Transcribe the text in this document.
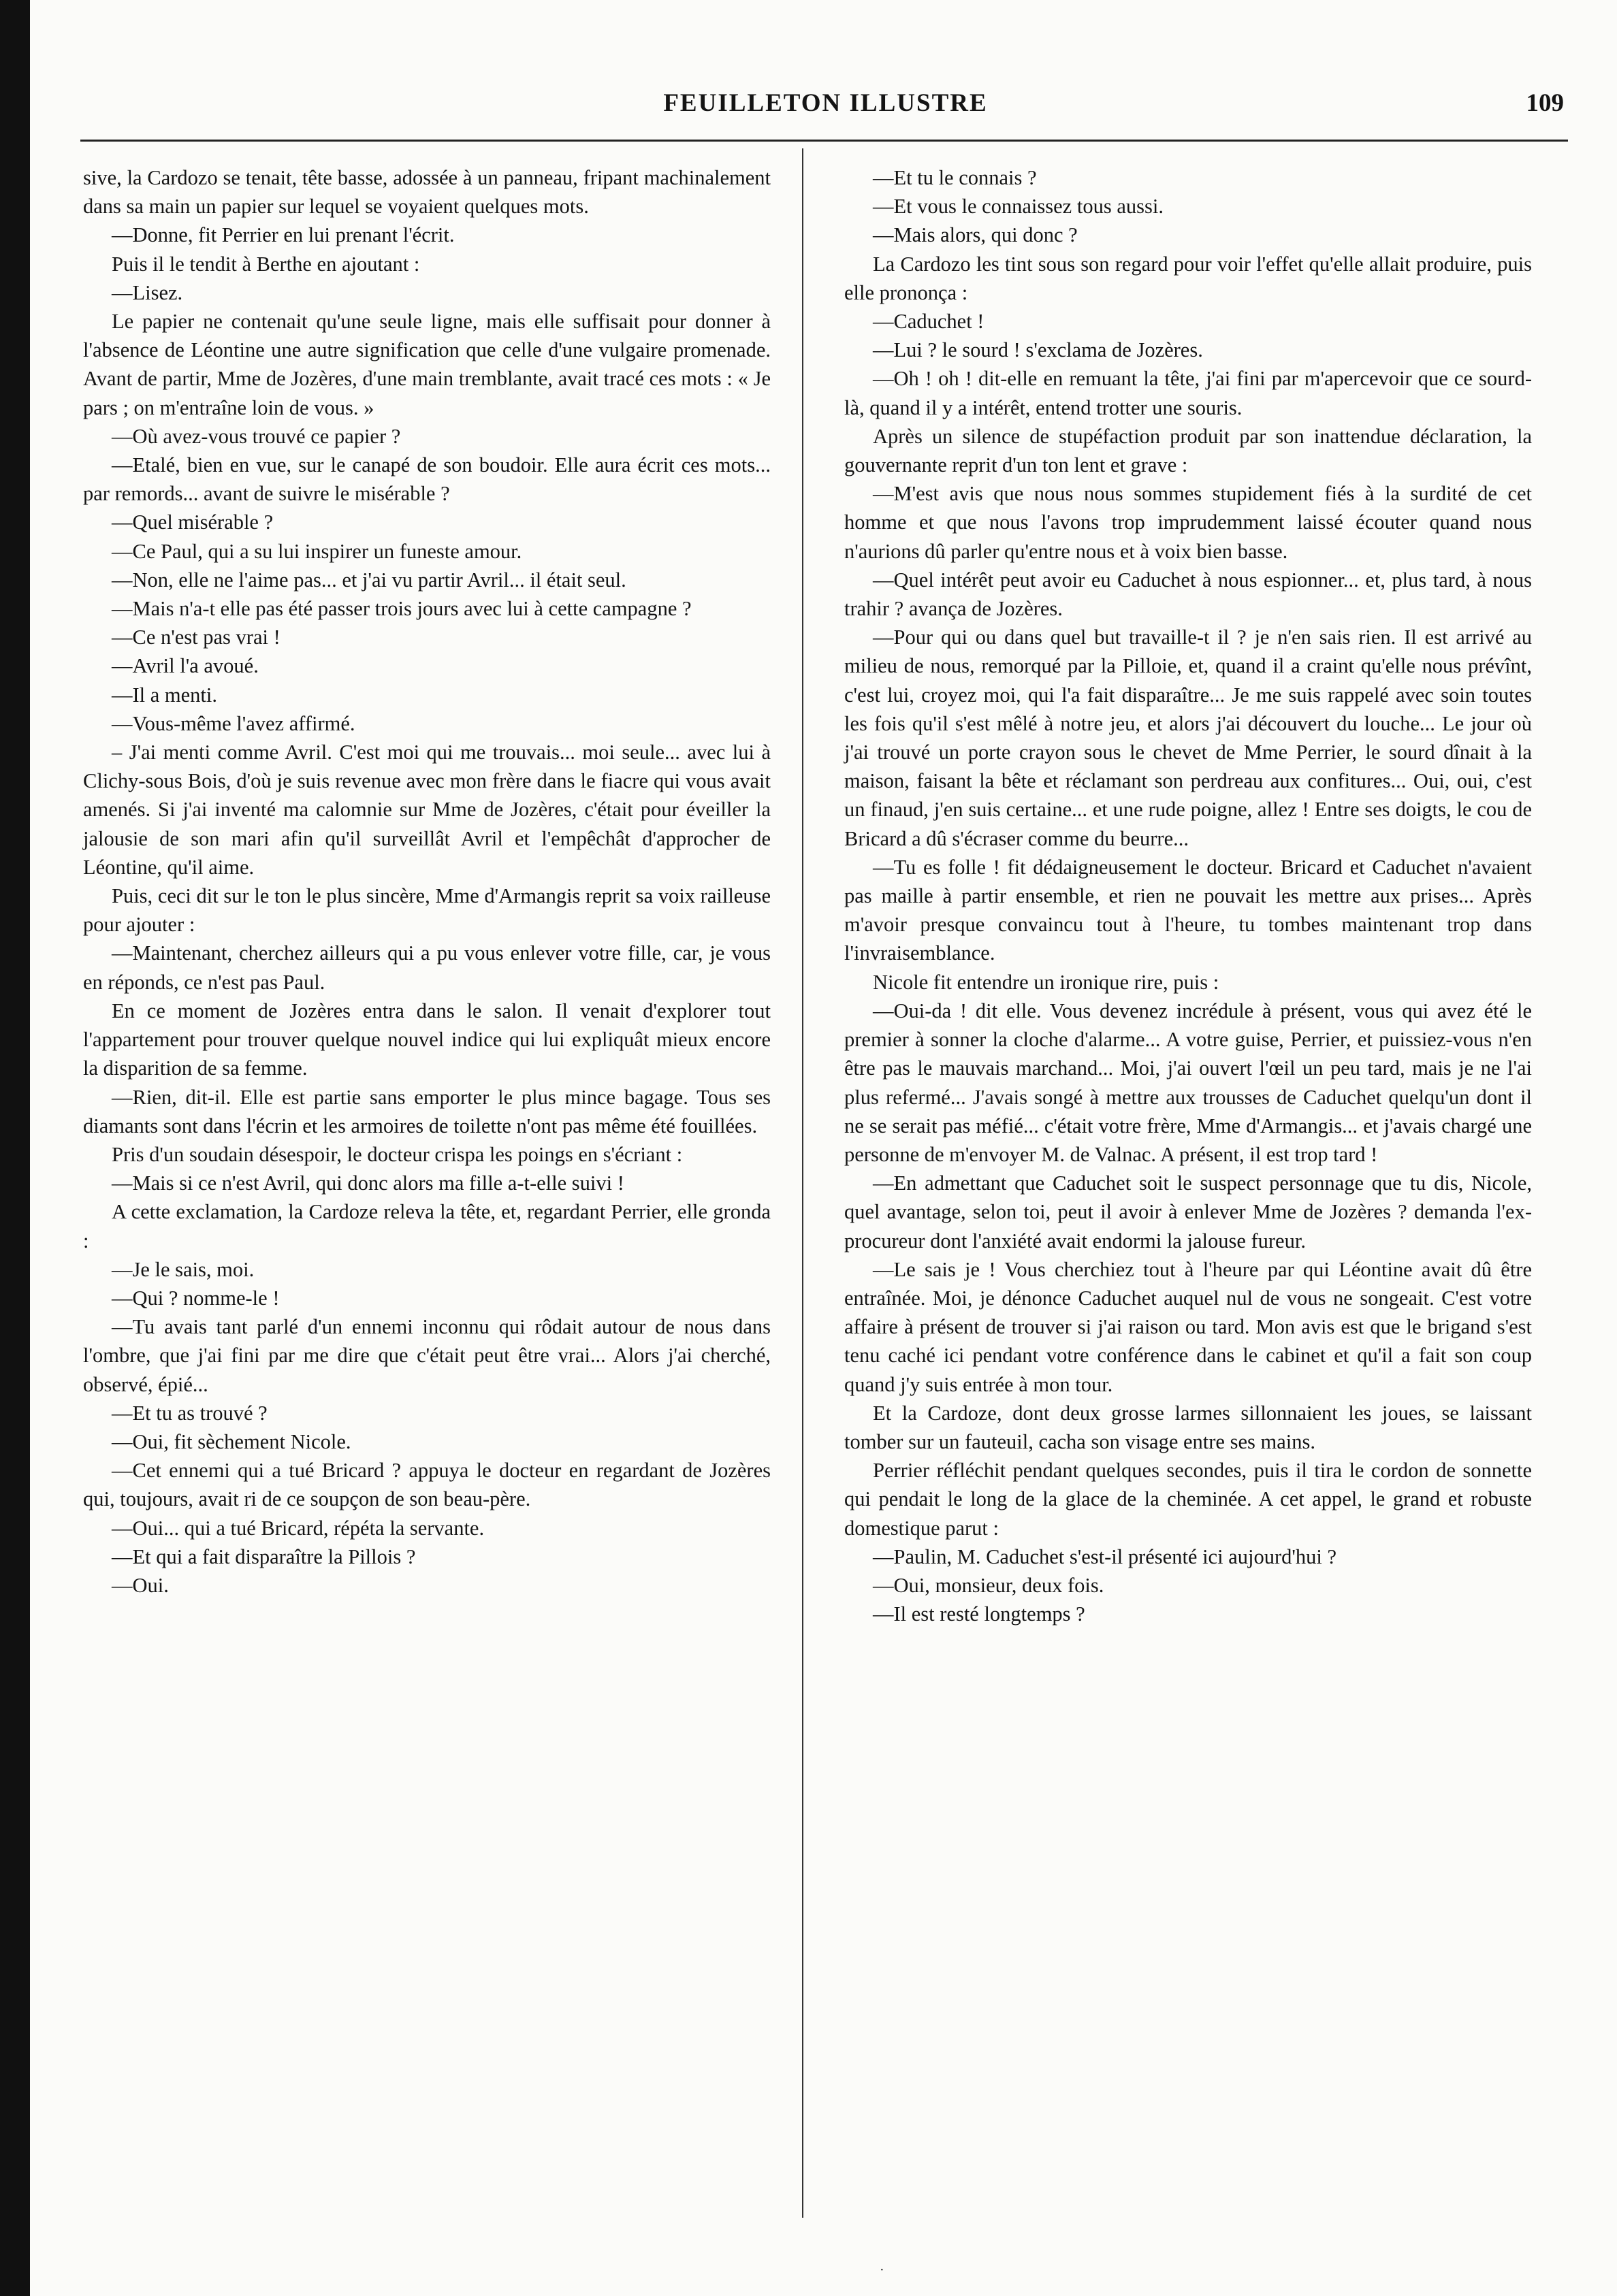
FEUILLETON ILLUSTRE	109

sive, la Cardozo se tenait, tête basse, adossée à un panneau, fripant machinalement dans sa main un papier sur lequel se voyaient quelques mots.

—Donne, fit Perrier en lui prenant l'écrit.

Puis il le tendit à Berthe en ajoutant :

—Lisez.

Le papier ne contenait qu'une seule ligne, mais elle suffisait pour donner à l'absence de Léontine une autre signification que celle d'une vulgaire promenade. Avant de partir, Mme de Jozères, d'une main tremblante, avait tracé ces mots : « Je pars ; on m'entraîne loin de vous. »

—Où avez-vous trouvé ce papier ?

—Etalé, bien en vue, sur le canapé de son boudoir. Elle aura écrit ces mots... par remords... avant de suivre le misérable ?

—Quel misérable ?

—Ce Paul, qui a su lui inspirer un funeste amour.

—Non, elle ne l'aime pas... et j'ai vu partir Avril... il était seul.

—Mais n'a-t elle pas été passer trois jours avec lui à cette campagne ?

—Ce n'est pas vrai !

—Avril l'a avoué.

—Il a menti.

—Vous-même l'avez affirmé.

– J'ai menti comme Avril. C'est moi qui me trouvais... moi seule... avec lui à Clichy-sous Bois, d'où je suis revenue avec mon frère dans le fiacre qui vous avait amenés. Si j'ai inventé ma calomnie sur Mme de Jozères, c'était pour éveiller la jalousie de son mari afin qu'il surveillât Avril et l'empêchât d'approcher de Léontine, qu'il aime.

Puis, ceci dit sur le ton le plus sincère, Mme d'Armangis reprit sa voix railleuse pour ajouter :

—Maintenant, cherchez ailleurs qui a pu vous enlever votre fille, car, je vous en réponds, ce n'est pas Paul.

En ce moment de Jozères entra dans le salon. Il venait d'explorer tout l'appartement pour trouver quelque nouvel indice qui lui expliquât mieux encore la disparition de sa femme.

—Rien, dit-il. Elle est partie sans emporter le plus mince bagage. Tous ses diamants sont dans l'écrin et les armoires de toilette n'ont pas même été fouillées.

Pris d'un soudain désespoir, le docteur crispa les poings en s'écriant :

—Mais si ce n'est Avril, qui donc alors ma fille a-t-elle suivi !

A cette exclamation, la Cardoze releva la tête, et, regardant Perrier, elle gronda :

—Je le sais, moi.

—Qui ? nomme-le !

—Tu avais tant parlé d'un ennemi inconnu qui rôdait autour de nous dans l'ombre, que j'ai fini par me dire que c'était peut être vrai... Alors j'ai cherché, observé, épié...

—Et tu as trouvé ?

—Oui, fit sèchement Nicole.

—Cet ennemi qui a tué Bricard ? appuya le docteur en regardant de Jozères qui, toujours, avait ri de ce soupçon de son beau-père.

—Oui... qui a tué Bricard, répéta la servante.

—Et qui a fait disparaître la Pillois ?

—Oui.

—Et tu le connais ?

—Et vous le connaissez tous aussi.

—Mais alors, qui donc ?

La Cardozo les tint sous son regard pour voir l'effet qu'elle allait produire, puis elle prononça :

—Caduchet !

—Lui ? le sourd ! s'exclama de Jozères.

—Oh ! oh ! dit-elle en remuant la tête, j'ai fini par m'apercevoir que ce sourd-là, quand il y a intérêt, entend trotter une souris.

Après un silence de stupéfaction produit par son inattendue déclaration, la gouvernante reprit d'un ton lent et grave :

—M'est avis que nous nous sommes stupidement fiés à la surdité de cet homme et que nous l'avons trop imprudemment laissé écouter quand nous n'aurions dû parler qu'entre nous et à voix bien basse.

—Quel intérêt peut avoir eu Caduchet à nous espionner... et, plus tard, à nous trahir ? avança de Jozères.

—Pour qui ou dans quel but travaille-t il ? je n'en sais rien. Il est arrivé au milieu de nous, remorqué par la Pilloie, et, quand il a craint qu'elle nous prévînt, c'est lui, croyez moi, qui l'a fait disparaître... Je me suis rappelé avec soin toutes les fois qu'il s'est mêlé à notre jeu, et alors j'ai découvert du louche... Le jour où j'ai trouvé un porte crayon sous le chevet de Mme Perrier, le sourd dînait à la maison, faisant la bête et réclamant son perdreau aux confitures... Oui, oui, c'est un finaud, j'en suis certaine... et une rude poigne, allez ! Entre ses doigts, le cou de Bricard a dû s'écraser comme du beurre...

—Tu es folle ! fit dédaigneusement le docteur. Bricard et Caduchet n'avaient pas maille à partir ensemble, et rien ne pouvait les mettre aux prises... Après m'avoir presque convaincu tout à l'heure, tu tombes maintenant trop dans l'invraisemblance.

Nicole fit entendre un ironique rire, puis :

—Oui-da ! dit elle. Vous devenez incrédule à présent, vous qui avez été le premier à sonner la cloche d'alarme... A votre guise, Perrier, et puissiez-vous n'en être pas le mauvais marchand... Moi, j'ai ouvert l'œil un peu tard, mais je ne l'ai plus refermé... J'avais songé à mettre aux trousses de Caduchet quelqu'un dont il ne se serait pas méfié... c'était votre frère, Mme d'Armangis... et j'avais chargé une personne de m'envoyer M. de Valnac. A présent, il est trop tard !

—En admettant que Caduchet soit le suspect personnage que tu dis, Nicole, quel avantage, selon toi, peut il avoir à enlever Mme de Jozères ? demanda l'ex-procureur dont l'anxiété avait endormi la jalouse fureur.

—Le sais je ! Vous cherchiez tout à l'heure par qui Léontine avait dû être entraînée. Moi, je dénonce Caduchet auquel nul de vous ne songeait. C'est votre affaire à présent de trouver si j'ai raison ou tard. Mon avis est que le brigand s'est tenu caché ici pendant votre conférence dans le cabinet et qu'il a fait son coup quand j'y suis entrée à mon tour.

Et la Cardoze, dont deux grosse larmes sillonnaient les joues, se laissant tomber sur un fauteuil, cacha son visage entre ses mains.

Perrier réfléchit pendant quelques secondes, puis il tira le cordon de sonnette qui pendait le long de la glace de la cheminée. A cet appel, le grand et robuste domestique parut :

—Paulin, M. Caduchet s'est-il présenté ici aujourd'hui ?

—Oui, monsieur, deux fois.

—Il est resté longtemps ?

·
